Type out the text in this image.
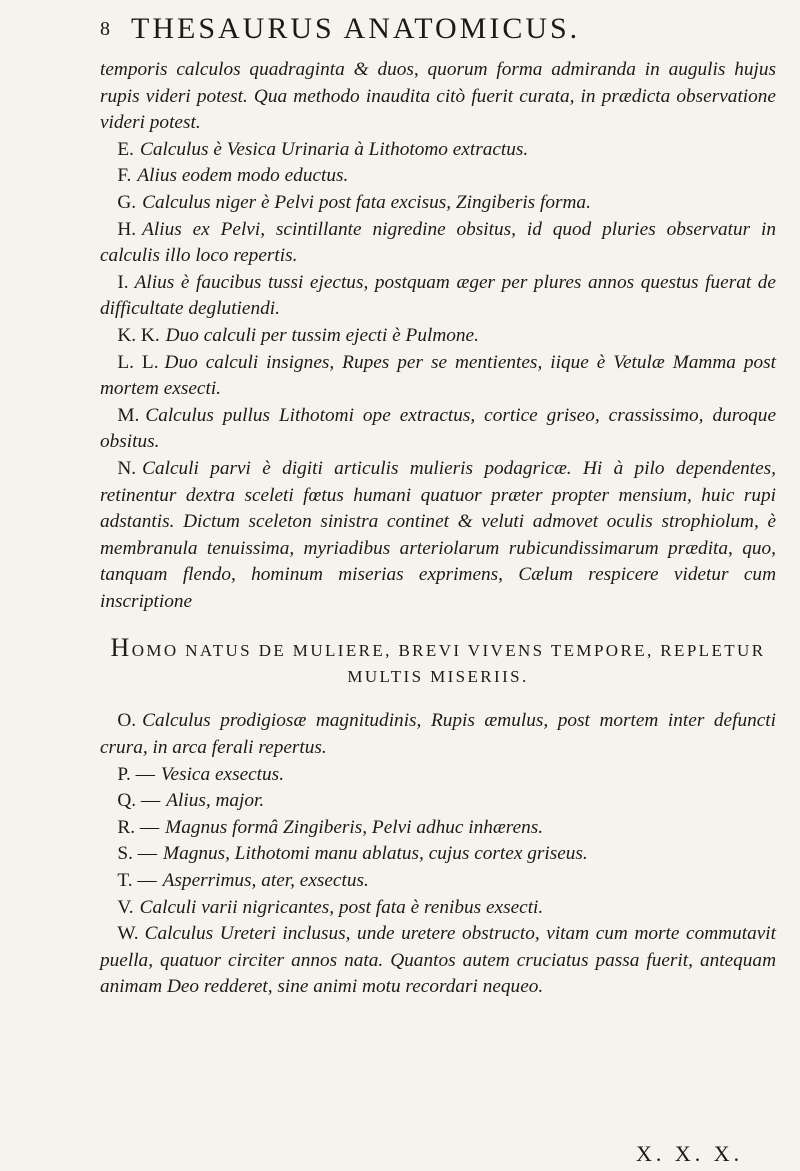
8 THESAURUS ANATOMICUS.

temporis calculos quadraginta & duos, quorum forma admiranda in augulis hujus rupis videri potest. Qua methodo inaudita citò fuerit curata, in prædicta observatione videri potest.

E. Calculus è Vesica Urinaria à Lithotomo extractus.

F. Alius eodem modo eductus.

G. Calculus niger è Pelvi post fata excisus, Zingiberis forma.

H. Alius ex Pelvi, scintillante nigredine obsitus, id quod pluries observatur in calculis illo loco repertis.

I. Alius è faucibus tussi ejectus, postquam æger per plures annos questus fuerat de difficultate deglutiendi.

K. K. Duo calculi per tussim ejecti è Pulmone.

L. L. Duo calculi insignes, Rupes per se mentientes, iique è Vetulæ Mamma post mortem exsecti.

M. Calculus pullus Lithotomi ope extractus, cortice griseo, crassissimo, duroque obsitus.

N. Calculi parvi è digiti articulis mulieris podagricæ. Hi à pilo dependentes, retinentur dextra sceleti fœtus humani quatuor præter propter mensium, huic rupi adstantis. Dictum sceleton sinistra continet & veluti admovet oculis strophiolum, è membranula tenuissima, myriadibus arteriolarum rubicundissimarum prædita, quo, tanquam flendo, hominum miserias exprimens, Cælum respicere videtur cum inscriptione

HOMO NATUS DE MULIERE, BREVI VIVENS TEMPORE, REPLETUR MULTIS MISERIIS.

O. Calculus prodigiosæ magnitudinis, Rupis æmulus, post mortem inter defuncti crura, in arca ferali repertus.

P. — Vesica exsectus.

Q. — Alius, major.

R. — Magnus formâ Zingiberis, Pelvi adhuc inhærens.

S. — Magnus, Lithotomi manu ablatus, cujus cortex griseus.

T. — Asperrimus, ater, exsectus.

V. Calculi varii nigricantes, post fata è renibus exsecti.

W. Calculus Ureteri inclusus, unde uretere obstructo, vitam cum morte commutavit puella, quatuor circiter annos nata. Quantos autem cruciatus passa fuerit, antequam animam Deo redderet, sine animi motu recordari nequeo.

X. X. X.
